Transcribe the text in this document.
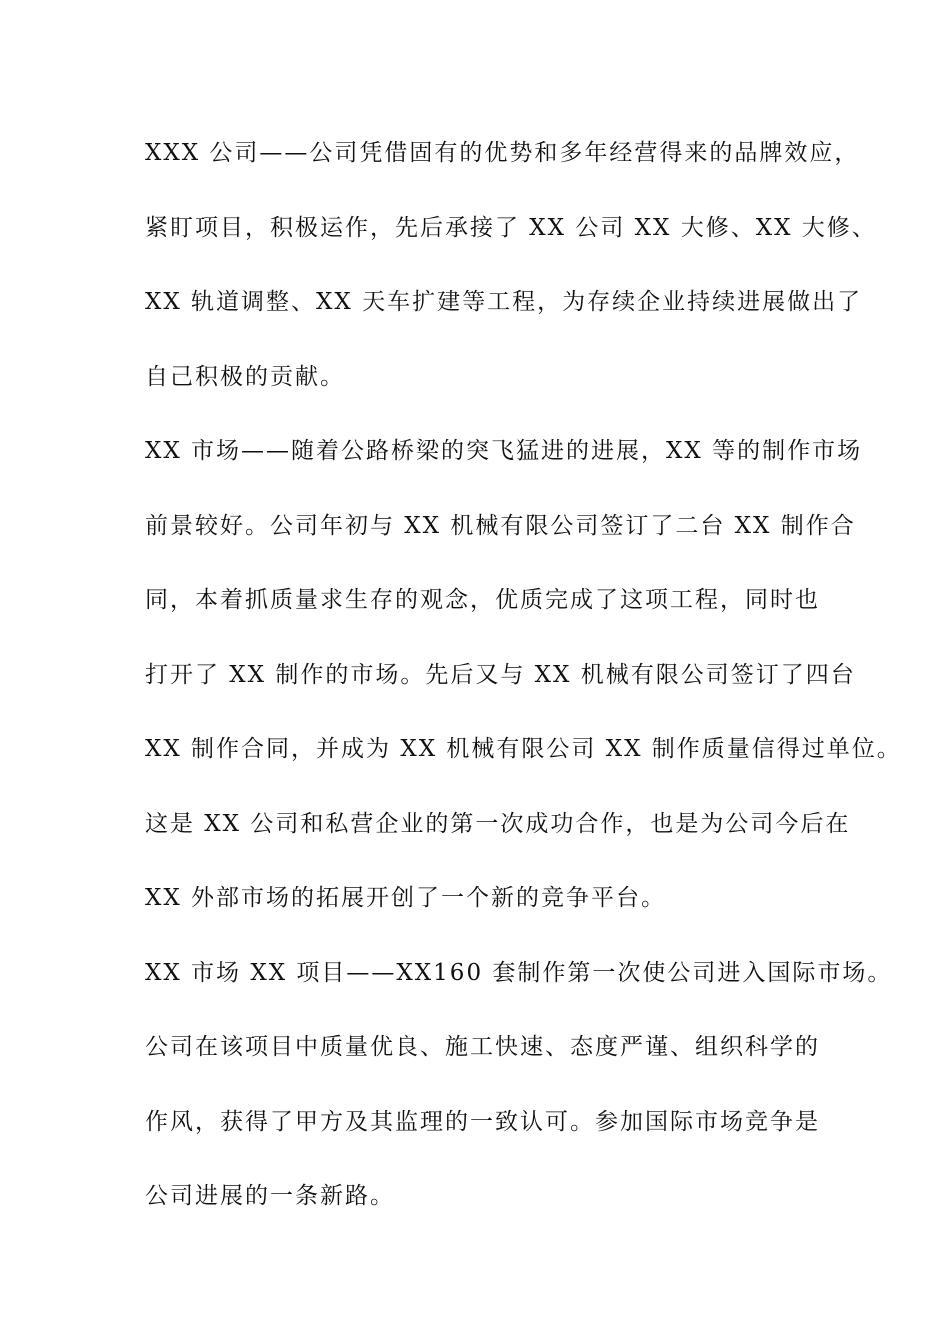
XXX 公司——公司凭借固有的优势和多年经营得来的品牌效应，
紧盯项目，积极运作，先后承接了 XX 公司 XX 大修、XX 大修、
XX 轨道调整、XX 天车扩建等工程，为存续企业持续进展做出了
自己积极的贡献。
XX 市场——随着公路桥梁的突飞猛进的进展，XX 等的制作市场
前景较好。公司年初与 XX 机械有限公司签订了二台 XX 制作合
同，本着抓质量求生存的观念，优质完成了这项工程，同时也
打开了 XX 制作的市场。先后又与 XX 机械有限公司签订了四台
XX 制作合同，并成为 XX 机械有限公司 XX 制作质量信得过单位。
这是 XX 公司和私营企业的第一次成功合作，也是为公司今后在
XX 外部市场的拓展开创了一个新的竞争平台。
XX 市场 XX 项目——XX160 套制作第一次使公司进入国际市场。
公司在该项目中质量优良、施工快速、态度严谨、组织科学的
作风，获得了甲方及其监理的一致认可。参加国际市场竞争是
公司进展的一条新路。
